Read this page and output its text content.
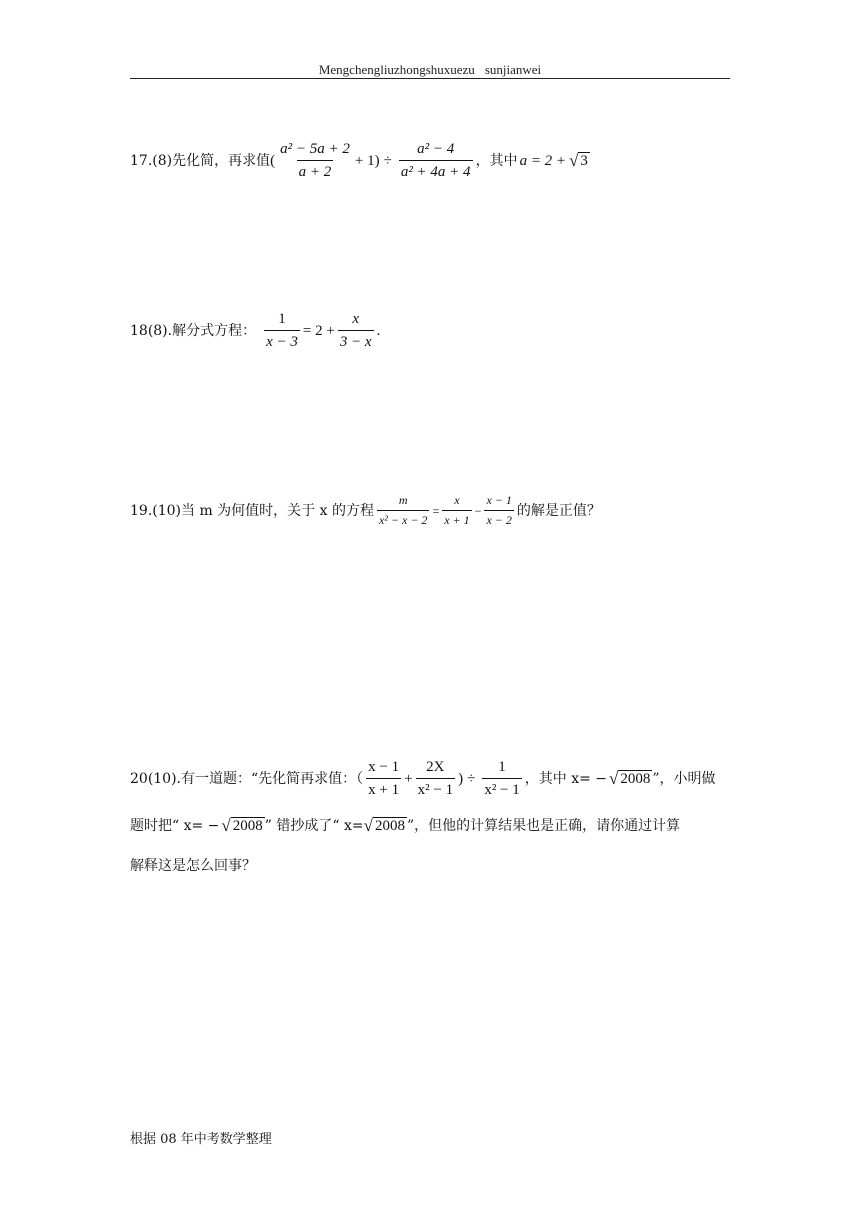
Mengchengliuzhongshuxuezu sunjianwei
17.(8)先化简，再求值 ( $\frac{\text{a² − 5a + 2}}{a + 2} + 1) \div \frac{\text{a² − 4}}{\text{a² + 4a + 4}}$ ，其中 a = 2 + √ 3
18(8).解分式方程： $\frac{1}{x - 3} = 2 + \frac{x}{3 - x}$ .
19.(10)当 m 为何值时，关于 x 的方程 $\frac{m}{\text{x² − x − 2}} = \frac{x}{x + 1} - \frac{x - 1}{x - 2}$ 的解是正值？
20(10).有一道题：“先化简再求值：（ $\frac{x - 1}{x + 1} + \frac{2X}{\text{x² − 1}}$ ) ÷ $\frac{1}{\text{x² − 1}}$ ，其中 x= − √ 2008 ”，小明做
题时把“ x= − √ 2008 ” 错抄成了“ x= √ 2008 ”，但他的计算结果也是正确，请你通过计算
解释这是怎么回事？
根据 08 年中考数学整理
